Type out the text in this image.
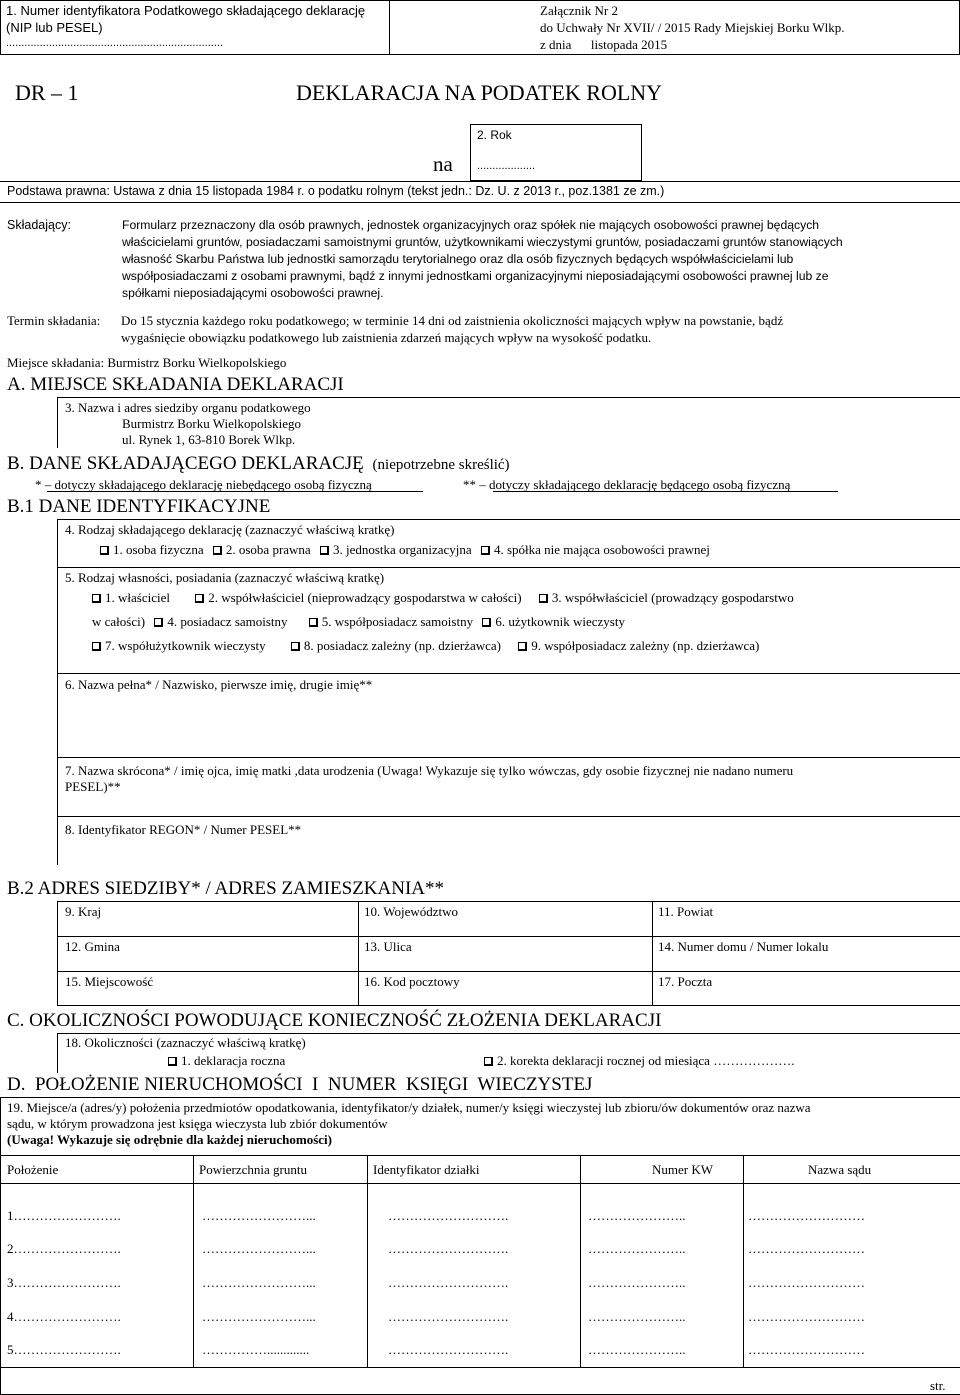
1. Numer identyfikatora Podatkowego składającego deklarację
(NIP lub PESEL)
.......................................................................
Załącznik Nr 2
do Uchwały Nr XVII/ / 2015 Rady Miejskiej Borku Wlkp.
z dnia      listopada 2015
DR – 1	DEKLARACJA NA PODATEK ROLNY
na
2. Rok
...................
Podstawa prawna: Ustawa z dnia 15 listopada 1984 r. o podatku rolnym (tekst jedn.: Dz. U. z 2013 r., poz.1381 ze zm.)
Składający:	Formularz przeznaczony dla osób prawnych, jednostek organizacyjnych oraz spółek nie mających osobowości prawnej będących
właścicielami gruntów, posiadaczami samoistnymi gruntów, użytkownikami wieczystymi gruntów, posiadaczami gruntów stanowiących
własność Skarbu Państwa lub jednostki samorządu terytorialnego oraz dla osób fizycznych będących współwłaścicielami lub
współposiadaczami z osobami prawnymi, bądź z innymi jednostkami organizacyjnymi nieposiadającymi osobowości prawnej lub ze
spółkami nieposiadającymi osobowości prawnej.
Termin składania: Do 15 stycznia każdego roku podatkowego; w terminie 14 dni od zaistnienia okoliczności mających wpływ na powstanie, bądź
wygaśnięcie obowiązku podatkowego lub zaistnienia zdarzeń mających wpływ na wysokość podatku.
Miejsce składania: Burmistrz Borku Wielkopolskiego
A. MIEJSCE SKŁADANIA DEKLARACJI
3. Nazwa i adres siedziby organu podatkowego
Burmistrz Borku Wielkopolskiego
ul. Rynek 1, 63-810 Borek Wlkp.
B. DANE SKŁADAJĄCEGO DEKLARACJĘ (niepotrzebne skreślić)
* – dotyczy składającego deklarację niebędącego osobą fizyczną	** – dotyczy składającego deklarację będącego osobą fizyczną
B.1 DANE IDENTYFIKACYJNE
4. Rodzaj składającego deklarację (zaznaczyć właściwą kratkę)
1. osoba fizyczna 2. osoba prawna 3. jednostka organizacyjna 4. spółka nie mająca osobowości prawnej
5. Rodzaj własności, posiadania (zaznaczyć właściwą kratkę)
1. właściciel	2. współwłaściciel (nieprowadzący gospodarstwa w całości) 3. współwłaściciel (prowadzący gospodarstwo
w całości) 4. posiadacz samoistny	5. współposiadacz samoistny 6. użytkownik wieczysty
7. współużytkownik wieczysty	8. posiadacz zależny (np. dzierżawca) 9. współposiadacz zależny (np. dzierżawca)
6. Nazwa pełna* / Nazwisko, pierwsze imię, drugie imię**
7. Nazwa skrócona* / imię ojca, imię matki ,data urodzenia (Uwaga! Wykazuje się tylko wówczas, gdy osobie fizycznej nie nadano numeru
PESEL)**
8. Identyfikator REGON* / Numer PESEL**
B.2 ADRES SIEDZIBY* / ADRES ZAMIESZKANIA**
9. Kraj	10. Województwo	11. Powiat
12. Gmina	13. Ulica	14. Numer domu / Numer lokalu
15. Miejscowość	16. Kod pocztowy	17. Poczta
C. OKOLICZNOŚCI POWODUJĄCE KONIECZNOŚĆ ZŁOŻENIA DEKLARACJI
18. Okoliczności (zaznaczyć właściwą kratkę)
1. deklaracja roczna	2. korekta deklaracji rocznej od miesiąca ……………….
D.  POŁOŻENIE NIERUCHOMOŚCI  I  NUMER  KSIĘGI  WIECZYSTEJ
19. Miejsce/a (adres/y) położenia przedmiotów opodatkowania, identyfikator/y działek, numer/y księgi wieczystej lub zbioru/ów dokumentów oraz nazwa
sądu, w którym prowadzona jest księga wieczysta lub zbiór dokumentów
(Uwaga! Wykazuje się odrębnie dla każdej nieruchomości)
Położenie	Powierzchnia gruntu	Identyfikator działki	Numer KW	Nazwa sądu
1…………………….	……………………...	……………………….	…………………..	………………………
2…………………….	……………………...	……………………….	…………………..	………………………
3…………………….	……………………...	……………………….	…………………..	………………………
4…………………….	……………………...	……………………….	…………………..	………………………
5…………………….	…………….............	……………………….	…………………..	………………………
str.
